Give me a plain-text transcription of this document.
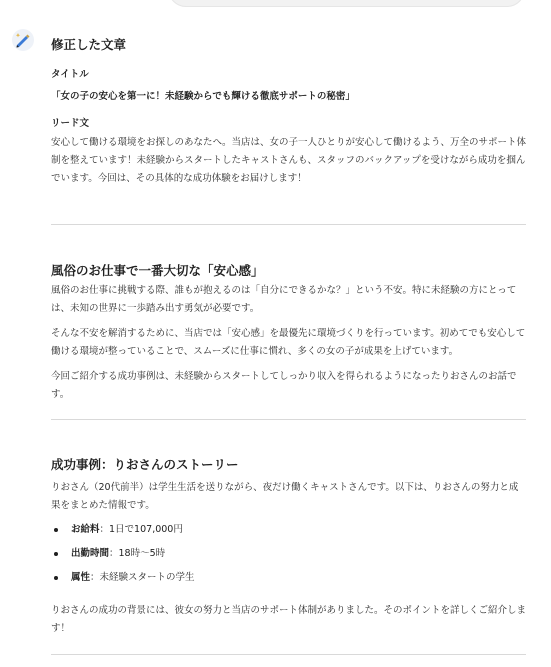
修正した文章
タイトル
「女の子の安心を第一に！未経験からでも輝ける徹底サポートの秘密」
リード文
安心して働ける環境をお探しのあなたへ。当店は、女の子一人ひとりが安心して働けるよう、万全のサポート体制を整えています！未経験からスタートしたキャストさんも、スタッフのバックアップを受けながら成功を掴んでいます。今回は、その具体的な成功体験をお届けします！
風俗のお仕事で一番大切な「安心感」
風俗のお仕事に挑戦する際、誰もが抱えるのは「自分にできるかな？」という不安。特に未経験の方にとっては、未知の世界に一歩踏み出す勇気が必要です。
そんな不安を解消するために、当店では「安心感」を最優先に環境づくりを行っています。初めてでも安心して働ける環境が整っていることで、スムーズに仕事に慣れ、多くの女の子が成果を上げています。
今回ご紹介する成功事例は、未経験からスタートしてしっかり収入を得られるようになったりおさんのお話です。
成功事例：りおさんのストーリー
りおさん（20代前半）は学生生活を送りながら、夜だけ働くキャストさんです。以下は、りおさんの努力と成果をまとめた情報です。
お給料：1日で107,000円
出勤時間：18時〜5時
属性：未経験スタートの学生
りおさんの成功の背景には、彼女の努力と当店のサポート体制がありました。そのポイントを詳しくご紹介します！
